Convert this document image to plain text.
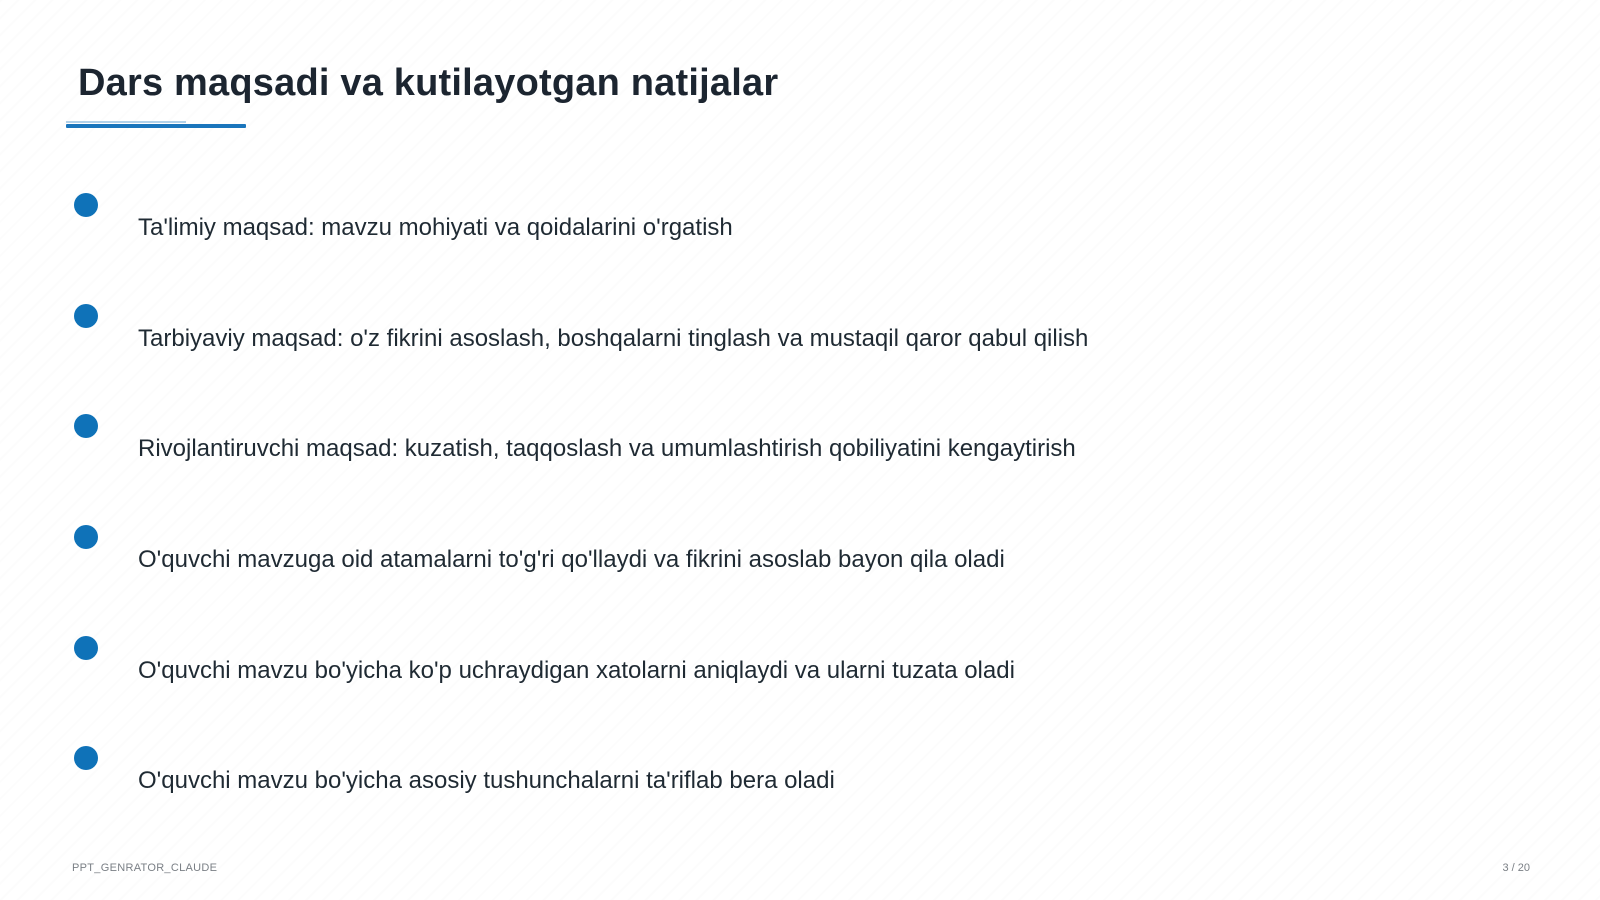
Dars maqsadi va kutilayotgan natijalar
Ta'limiy maqsad: mavzu mohiyati va qoidalarini o'rgatish
Tarbiyaviy maqsad: o'z fikrini asoslash, boshqalarni tinglash va mustaqil qaror qabul qilish
Rivojlantiruvchi maqsad: kuzatish, taqqoslash va umumlashtirish qobiliyatini kengaytirish
O'quvchi mavzuga oid atamalarni to'g'ri qo'llaydi va fikrini asoslab bayon qila oladi
O'quvchi mavzu bo'yicha ko'p uchraydigan xatolarni aniqlaydi va ularni tuzata oladi
O'quvchi mavzu bo'yicha asosiy tushunchalarni ta'riflab bera oladi
PPT_GENRATOR_CLAUDE	3 / 20
